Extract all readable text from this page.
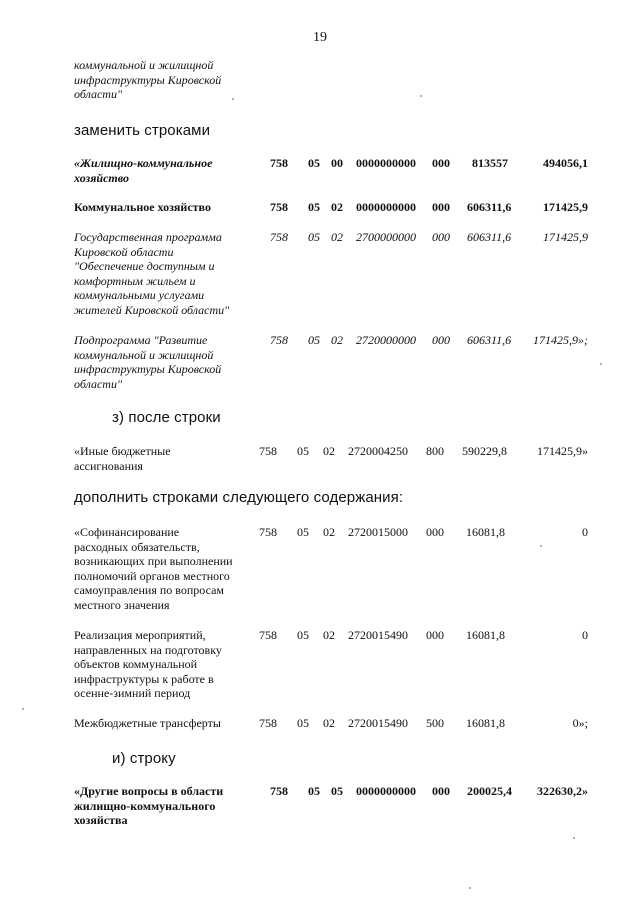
19
коммунальной и жилищной
инфраструктуры Кировской
области"
заменить строками
«Жилищно-коммунальное
хозяйство
758 05 00 0000000000 000 813557	494056,1
Коммунальное хозяйство	758 05 02 0000000000 000 606311,6	171425,9
Государственная программа
Кировской области
"Обеспечение доступным и
комфортным жильем и
коммунальными услугами
жителей Кировской области"
758 05 02 2700000000 000 606311,6	171425,9
Подпрограмма "Развитие
коммунальной и жилищной
инфраструктуры Кировской
области"
758 05 02 2720000000 000 606311,6 171425,9»;
з) после строки
«Иные бюджетные
ассигнования
758 05 02 2720004250 800 590229,8	171425,9»
дополнить строками следующего содержания:
«Софинансирование
расходных обязательств,
возникающих при выполнении
полномочий органов местного
самоуправления по вопросам
местного значения
758 05 02 2720015000 000 16081,8	0
Реализация мероприятий,
направленных на подготовку
объектов коммунальной
инфраструктуры к работе в
осенне-зимний период
758 05 02 2720015490 000 16081,8	0
Межбюджетные трансферты	758 05 02 2720015490 500 16081,8	0»;
и) строку
«Другие вопросы в области
жилищно-коммунального
хозяйства
758 05 05 0000000000 000 200025,4 322630,2»
